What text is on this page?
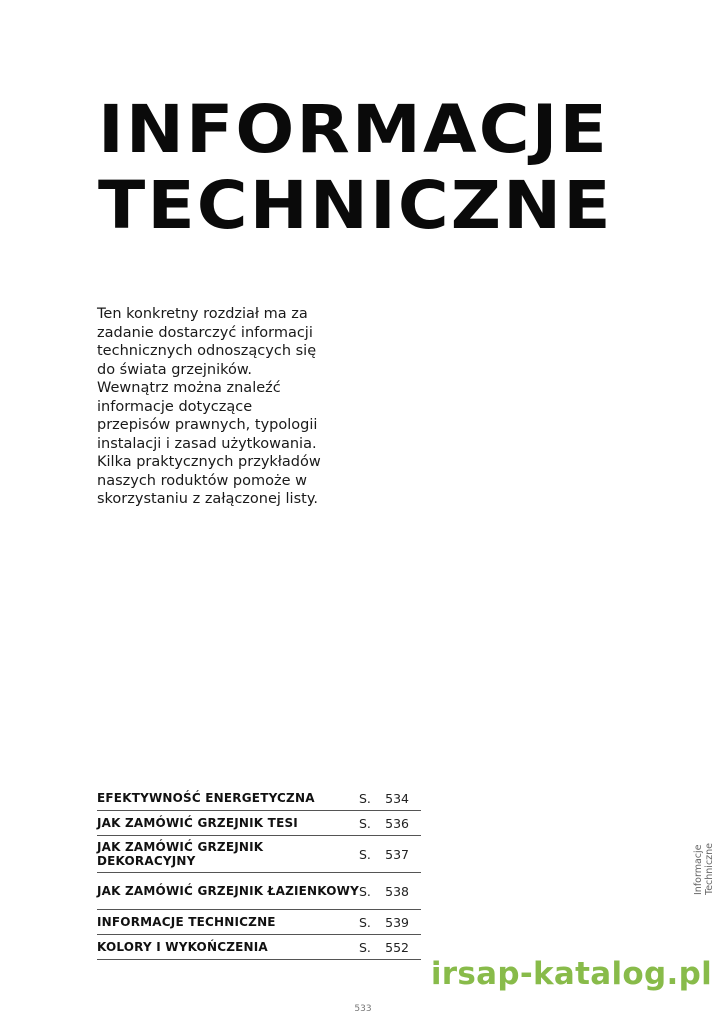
INFORMACJE
TECHNICZNE

Ten konkretny rozdział ma za
zadanie dostarczyć informacji
technicznych odnoszących się
do świata grzejników.
Wewnątrz można znaleźć
informacje dotyczące
przepisów prawnych, typologii
instalacji i zasad użytkowania.
Kilka praktycznych przykładów
naszych roduktów pomoże w
skorzystaniu z załączonej listy.

EFEKTYWNOŚĆ ENERGETYCZNA	S.	534
JAK ZAMÓWIĆ GRZEJNIK TESI	S.	536
JAK ZAMÓWIĆ GRZEJNIK DEKORACYJNY	S.	537
JAK ZAMÓWIĆ GRZEJNIK ŁAZIENKOWY	S.	538
INFORMACJE TECHNICZNE	S.	539
KOLORY I WYKOŃCZENIA	S.	552
Informacje Techniczne
533
irsap-katalog.pl
